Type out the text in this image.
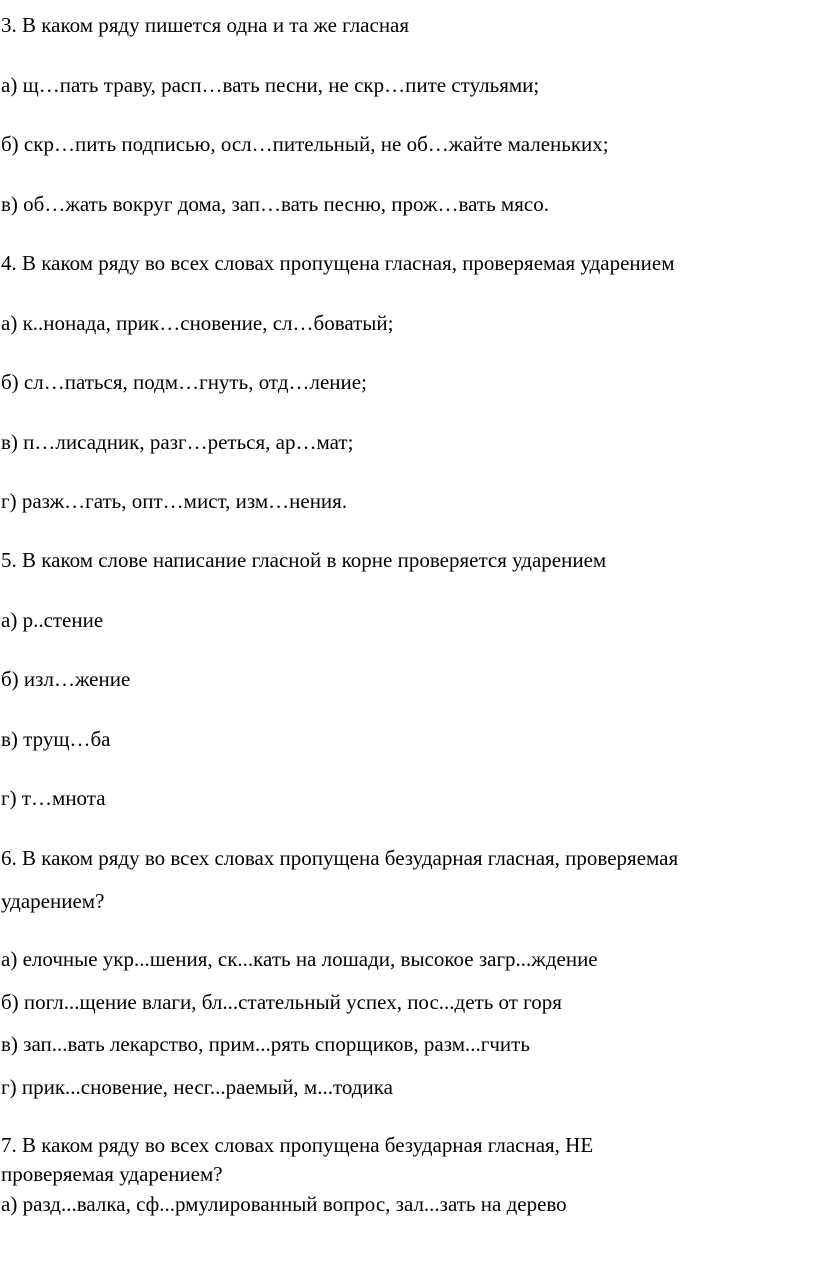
3. В каком ряду пишется одна и та же гласная
а) щ…пать траву, расп…вать песни, не скр…пите стульями;
б) скр…пить подписью, осл…пительный, не об…жайте маленьких;
в) об…жать вокруг дома, зап…вать песню, прож…вать мясо.
4. В каком ряду во всех словах пропущена гласная, проверяемая ударением
а) к..нонада, прик…сновение, сл…боватый;
б) сл…паться, подм…гнуть, отд…ление;
в) п…лисадник, разг…реться, ар…мат;
г) разж…гать, опт…мист, изм…нения.
5. В каком слове написание гласной в корне проверяется ударением
а) р..стение
б) изл…жение
в) трущ…ба
г) т…мнота
6. В каком ряду во всех словах пропущена безударная гласная, проверяемая
ударением?
а) елочные укр...шения, ск...кать на лошади, высокое загр...ждение
б) погл...щение влаги, бл...стательный успех, пос...деть от горя
в) зап...вать лекарство, прим...рять спорщиков, разм...гчить
г) прик...сновение, несг...раемый, м...тодика
7. В каком ряду во всех словах пропущена безударная гласная, НЕ
проверяемая ударением?
а) разд...валка, сф...рмулированный вопрос, зал...зать на дерево
